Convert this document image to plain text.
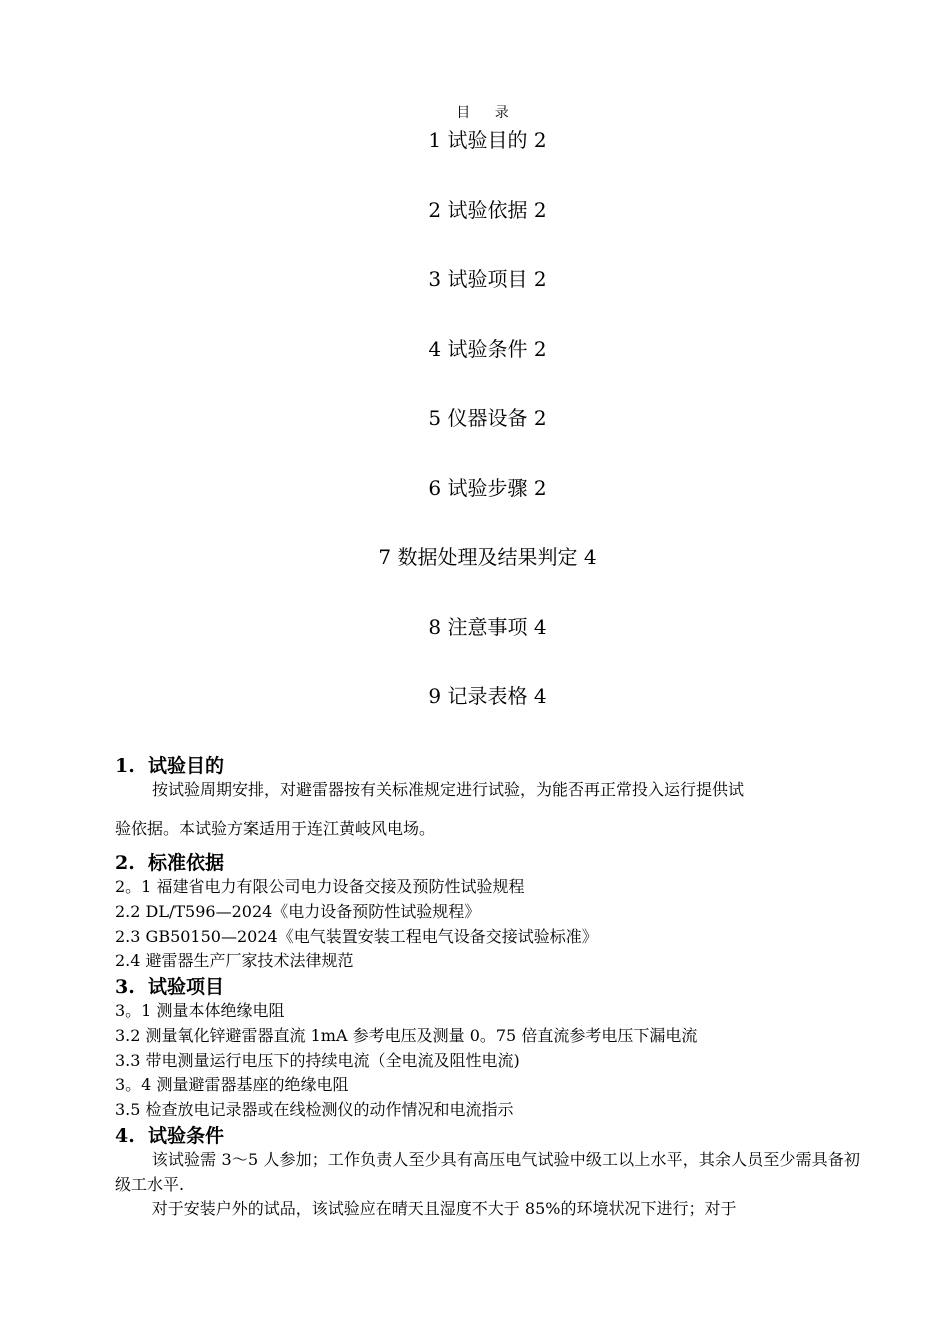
目 录
1 试验目的 2
2 试验依据 2
3 试验项目 2
4 试验条件 2
5 仪器设备 2
6 试验步骤 2
7 数据处理及结果判定 4
8 注意事项 4
9 记录表格 4
1. 试验目的
按试验周期安排，对避雷器按有关标准规定进行试验，为能否再正常投入运行提供试
验依据。本试验方案适用于连江黄岐风电场。
2. 标准依据
2。1 福建省电力有限公司电力设备交接及预防性试验规程
2.2 DL/T596—2024《电力设备预防性试验规程》
2.3 GB50150—2024《电气装置安装工程电气设备交接试验标准》
2.4 避雷器生产厂家技术法律规范
3. 试验项目
3。1 测量本体绝缘电阻
3.2 测量氧化锌避雷器直流 1mA 参考电压及测量 0。75 倍直流参考电压下漏电流
3.3 带电测量运行电压下的持续电流（全电流及阻性电流)
3。4 测量避雷器基座的绝缘电阻
3.5 检查放电记录器或在线检测仪的动作情况和电流指示
4. 试验条件
该试验需 3～5 人参加；工作负责人至少具有高压电气试验中级工以上水平，其余人员至少需具备初级工水平.
对于安装户外的试品，该试验应在晴天且湿度不大于 85%的环境状况下进行；对于
